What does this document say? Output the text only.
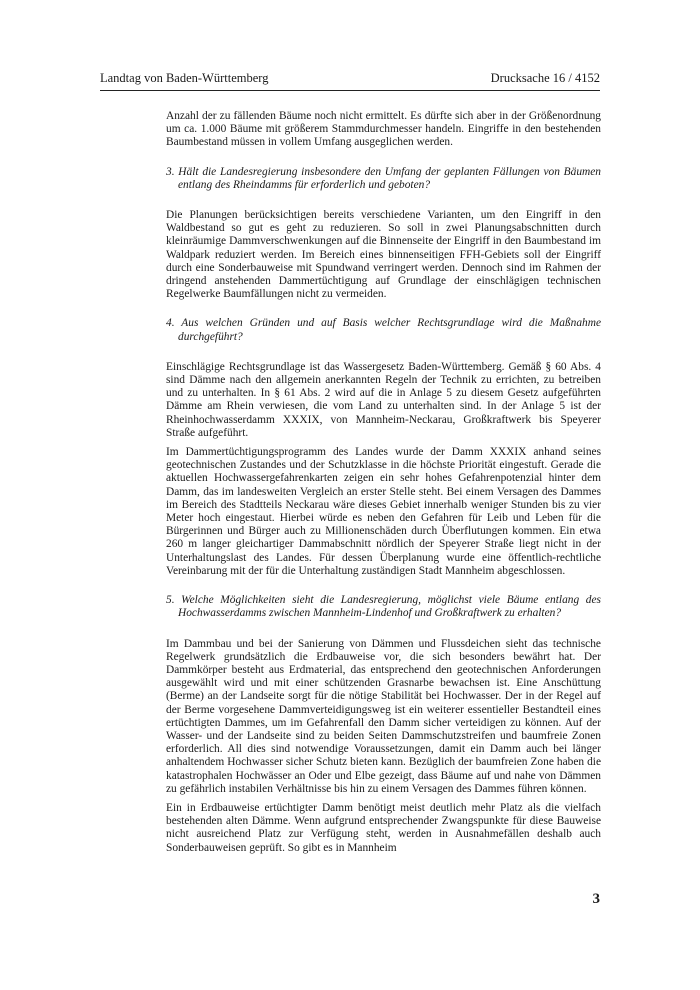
Landtag von Baden-Württemberg	Drucksache 16 / 4152

Anzahl der zu fällenden Bäume noch nicht ermittelt. Es dürfte sich aber in der Größenordnung um ca. 1.000 Bäume mit größerem Stammdurchmesser handeln. Eingriffe in den bestehenden Baumbestand müssen in vollem Umfang ausgeglichen werden.

3. Hält die Landesregierung insbesondere den Umfang der geplanten Fällungen von Bäumen entlang des Rheindamms für erforderlich und geboten?

Die Planungen berücksichtigen bereits verschiedene Varianten, um den Eingriff in den Waldbestand so gut es geht zu reduzieren. So soll in zwei Planungsabschnitten durch kleinräumige Dammverschwenkungen auf die Binnenseite der Eingriff in den Baumbestand im Waldpark reduziert werden. Im Bereich eines binnenseitigen FFH-Gebiets soll der Eingriff durch eine Sonderbauweise mit Spundwand verringert werden. Dennoch sind im Rahmen der dringend anstehenden Dammertüchtigung auf Grundlage der einschlägigen technischen Regelwerke Baumfällungen nicht zu vermeiden.

4. Aus welchen Gründen und auf Basis welcher Rechtsgrundlage wird die Maßnahme durchgeführt?

Einschlägige Rechtsgrundlage ist das Wassergesetz Baden-Württemberg. Gemäß § 60 Abs. 4 sind Dämme nach den allgemein anerkannten Regeln der Technik zu errichten, zu betreiben und zu unterhalten. In § 61 Abs. 2 wird auf die in Anlage 5 zu diesem Gesetz aufgeführten Dämme am Rhein verwiesen, die vom Land zu unterhalten sind. In der Anlage 5 ist der Rheinhochwasserdamm XXXIX, von Mannheim-Neckarau, Großkraftwerk bis Speyerer Straße aufgeführt.

Im Dammertüchtigungsprogramm des Landes wurde der Damm XXXIX anhand seines geotechnischen Zustandes und der Schutzklasse in die höchste Priorität eingestuft. Gerade die aktuellen Hochwassergefahrenkarten zeigen ein sehr hohes Gefahrenpotenzial hinter dem Damm, das im landesweiten Vergleich an erster Stelle steht. Bei einem Versagen des Dammes im Bereich des Stadtteils Neckarau wäre dieses Gebiet innerhalb weniger Stunden bis zu vier Meter hoch eingestaut. Hierbei würde es neben den Gefahren für Leib und Leben für die Bürgerinnen und Bürger auch zu Millionenschäden durch Überflutungen kommen. Ein etwa 260 m langer gleichartiger Dammabschnitt nördlich der Speyerer Straße liegt nicht in der Unterhaltungslast des Landes. Für dessen Überplanung wurde eine öffentlich-rechtliche Vereinbarung mit der für die Unterhaltung zuständigen Stadt Mannheim abgeschlossen.

5. Welche Möglichkeiten sieht die Landesregierung, möglichst viele Bäume entlang des Hochwasserdamms zwischen Mannheim-Lindenhof und Großkraftwerk zu erhalten?

Im Dammbau und bei der Sanierung von Dämmen und Flussdeichen sieht das technische Regelwerk grundsätzlich die Erdbauweise vor, die sich besonders bewährt hat. Der Dammkörper besteht aus Erdmaterial, das entsprechend den geotechnischen Anforderungen ausgewählt wird und mit einer schützenden Grasnarbe bewachsen ist. Eine Anschüttung (Berme) an der Landseite sorgt für die nötige Stabilität bei Hochwasser. Der in der Regel auf der Berme vorgesehene Dammverteidigungsweg ist ein weiterer essentieller Bestandteil eines ertüchtigten Dammes, um im Gefahrenfall den Damm sicher verteidigen zu können. Auf der Wasser- und der Landseite sind zu beiden Seiten Dammschutzstreifen und baumfreie Zonen erforderlich. All dies sind notwendige Voraussetzungen, damit ein Damm auch bei länger anhaltendem Hochwasser sicher Schutz bieten kann. Bezüglich der baumfreien Zone haben die katastrophalen Hochwässer an Oder und Elbe gezeigt, dass Bäume auf und nahe von Dämmen zu gefährlich instabilen Verhältnisse bis hin zu einem Versagen des Dammes führen können.

Ein in Erdbauweise ertüchtigter Damm benötigt meist deutlich mehr Platz als die vielfach bestehenden alten Dämme. Wenn aufgrund entsprechender Zwangspunkte für diese Bauweise nicht ausreichend Platz zur Verfügung steht, werden in Ausnahmefällen deshalb auch Sonderbauweisen geprüft. So gibt es in Mannheim

3
